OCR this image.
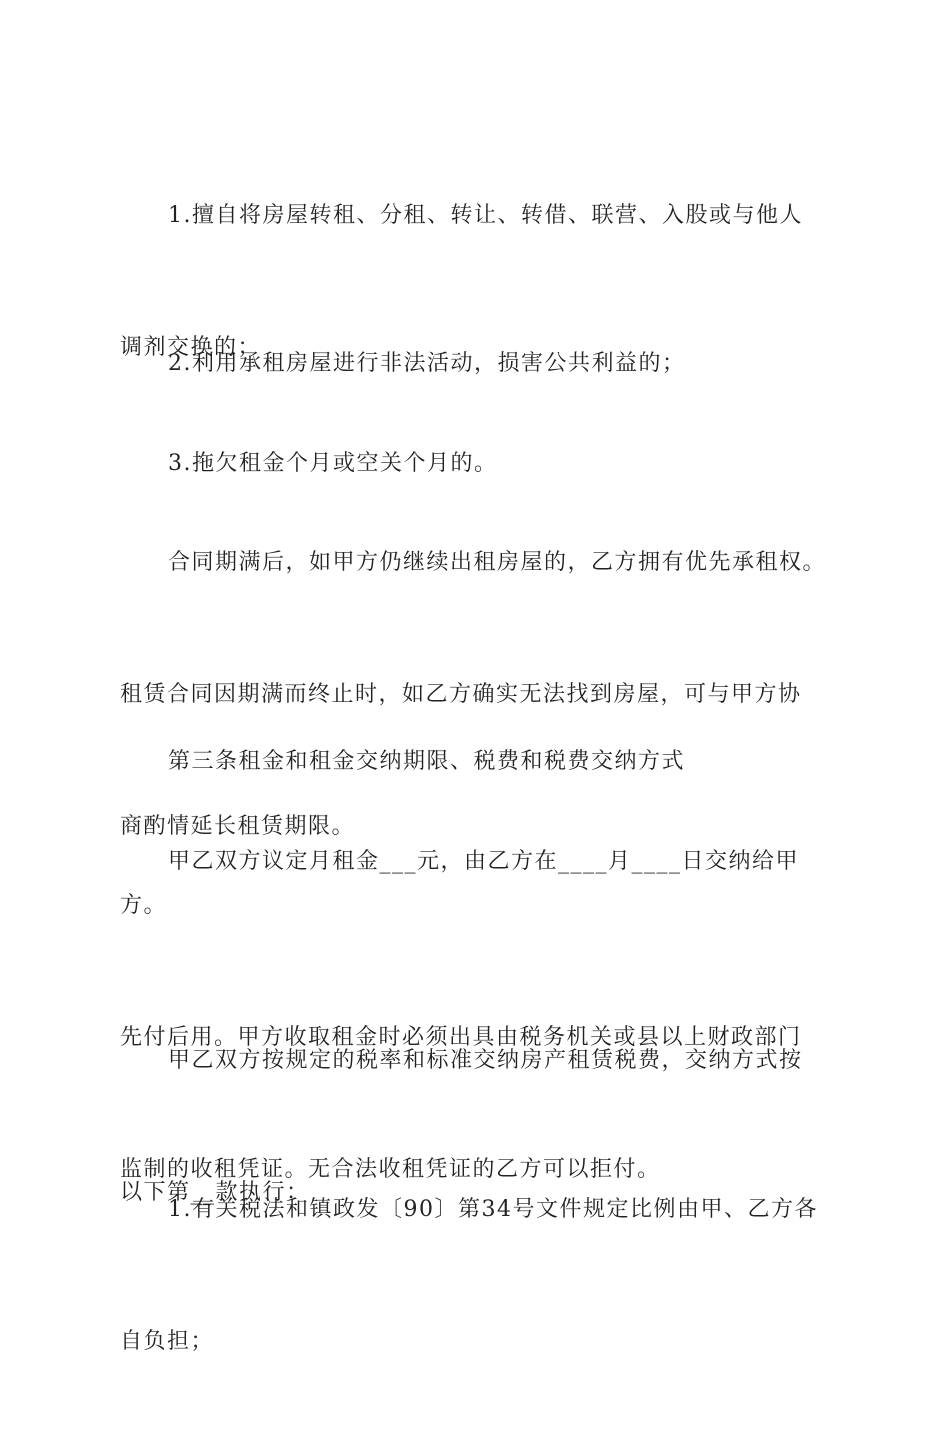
1.擅自将房屋转租、分租、转让、转借、联营、入股或与他人

调剂交换的；

2.利用承租房屋进行非法活动，损害公共利益的；

3.拖欠租金个月或空关个月的。

合同期满后，如甲方仍继续出租房屋的，乙方拥有优先承租权。

租赁合同因期满而终止时，如乙方确实无法找到房屋，可与甲方协

商酌情延长租赁期限。

第三条租金和租金交纳期限、税费和税费交纳方式

甲乙双方议定月租金___元，由乙方在____月____日交纳给甲方。

先付后用。甲方收取租金时必须出具由税务机关或县以上财政部门

监制的收租凭证。无合法收租凭证的乙方可以拒付。

甲乙双方按规定的税率和标准交纳房产租赁税费，交纳方式按

以下第__款执行：

1.有关税法和镇政发〔90〕第34号文件规定比例由甲、乙方各

自负担；
